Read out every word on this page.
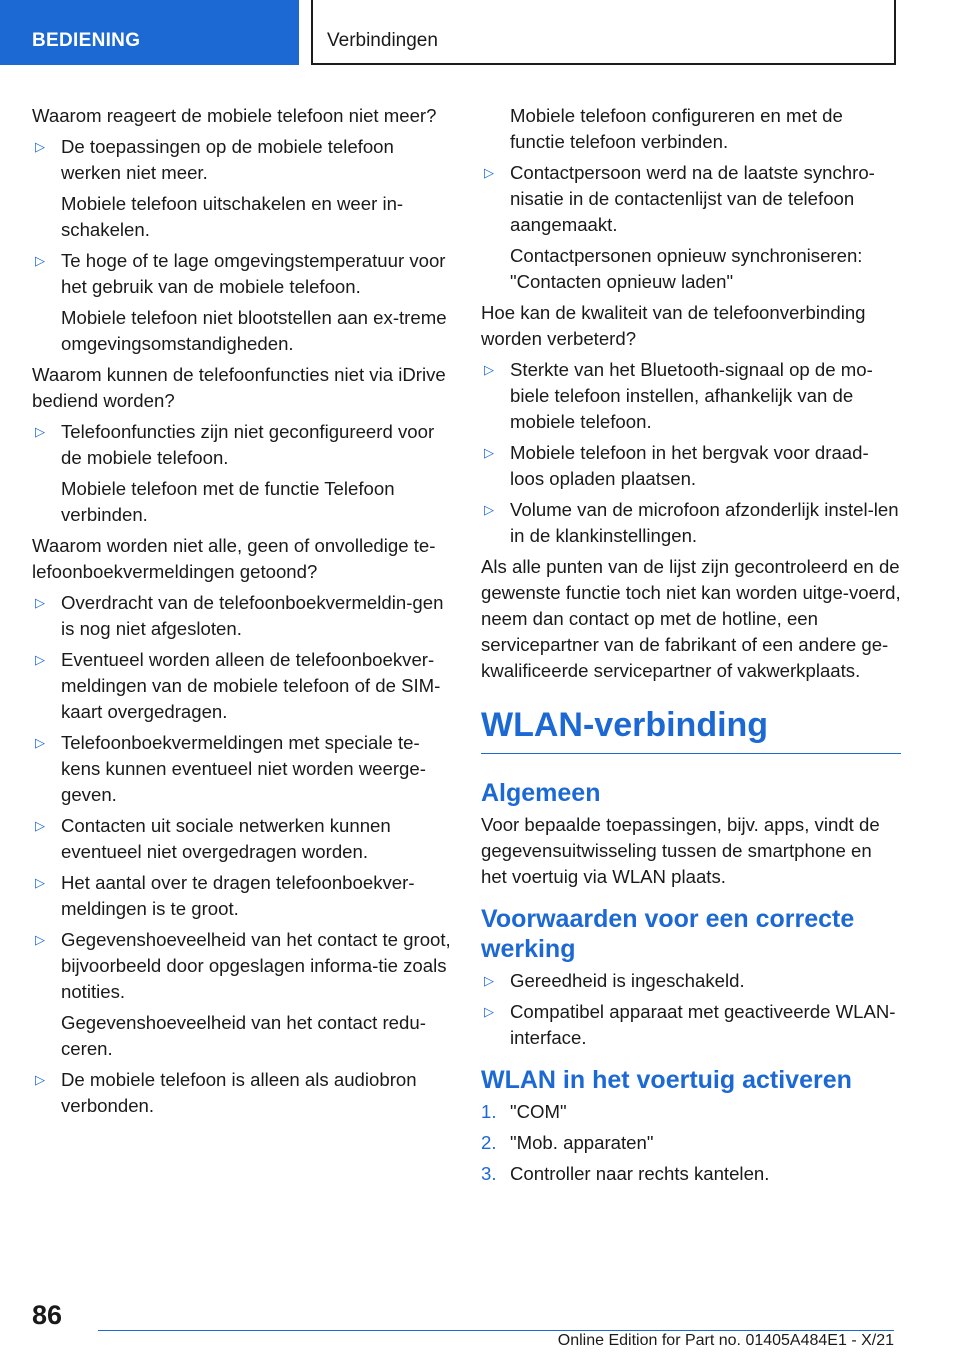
BEDIENING	Verbindingen
Waarom reageert de mobiele telefoon niet meer?
▷ De toepassingen op de mobiele telefoon werken niet meer.
Mobiele telefoon uitschakelen en weer in-schakelen.
▷ Te hoge of te lage omgevingstemperatuur voor het gebruik van de mobiele telefoon.
Mobiele telefoon niet blootstellen aan ex-treme omgevingsomstandigheden.
Waarom kunnen de telefoonfuncties niet via iDrive bediend worden?
▷ Telefoonfuncties zijn niet geconfigureerd voor de mobiele telefoon.
Mobiele telefoon met de functie Telefoon verbinden.
Waarom worden niet alle, geen of onvolledige te-lefoonboekvermeldingen getoond?
▷ Overdracht van de telefoonboekvermeldin-gen is nog niet afgesloten.
▷ Eventueel worden alleen de telefoonboekver-meldingen van de mobiele telefoon of de SIM-kaart overgedragen.
▷ Telefoonboekvermeldingen met speciale te-kens kunnen eventueel niet worden weerge-geven.
▷ Contacten uit sociale netwerken kunnen eventueel niet overgedragen worden.
▷ Het aantal over te dragen telefoonboekver-meldingen is te groot.
▷ Gegevenshoeveelheid van het contact te groot, bijvoorbeeld door opgeslagen informa-tie zoals notities.
Gegevenshoeveelheid van het contact redu-ceren.
▷ De mobiele telefoon is alleen als audiobron verbonden.
Mobiele telefoon configureren en met de functie telefoon verbinden.
▷ Contactpersoon werd na de laatste synchro-nisatie in de contactenlijst van de telefoon aangemaakt.
Contactpersonen opnieuw synchroniseren: "Contacten opnieuw laden"
Hoe kan de kwaliteit van de telefoonverbinding worden verbeterd?
▷ Sterkte van het Bluetooth-signaal op de mo-biele telefoon instellen, afhankelijk van de mobiele telefoon.
▷ Mobiele telefoon in het bergvak voor draad-loos opladen plaatsen.
▷ Volume van de microfoon afzonderlijk instel-len in de klankinstellingen.
Als alle punten van de lijst zijn gecontroleerd en de gewenste functie toch niet kan worden uitge-voerd, neem dan contact op met de hotline, een servicepartner van de fabrikant of een andere ge-kwalificeerde servicepartner of vakwerkplaats.
WLAN-verbinding
Algemeen
Voor bepaalde toepassingen, bijv. apps, vindt de gegevensuitwisseling tussen de smartphone en het voertuig via WLAN plaats.
Voorwaarden voor een correcte werking
▷ Gereedheid is ingeschakeld.
▷ Compatibel apparaat met geactiveerde WLAN-interface.
WLAN in het voertuig activeren
1. "COM"
2. "Mob. apparaten"
3. Controller naar rechts kantelen.
86
Online Edition for Part no. 01405A484E1 - X/21
